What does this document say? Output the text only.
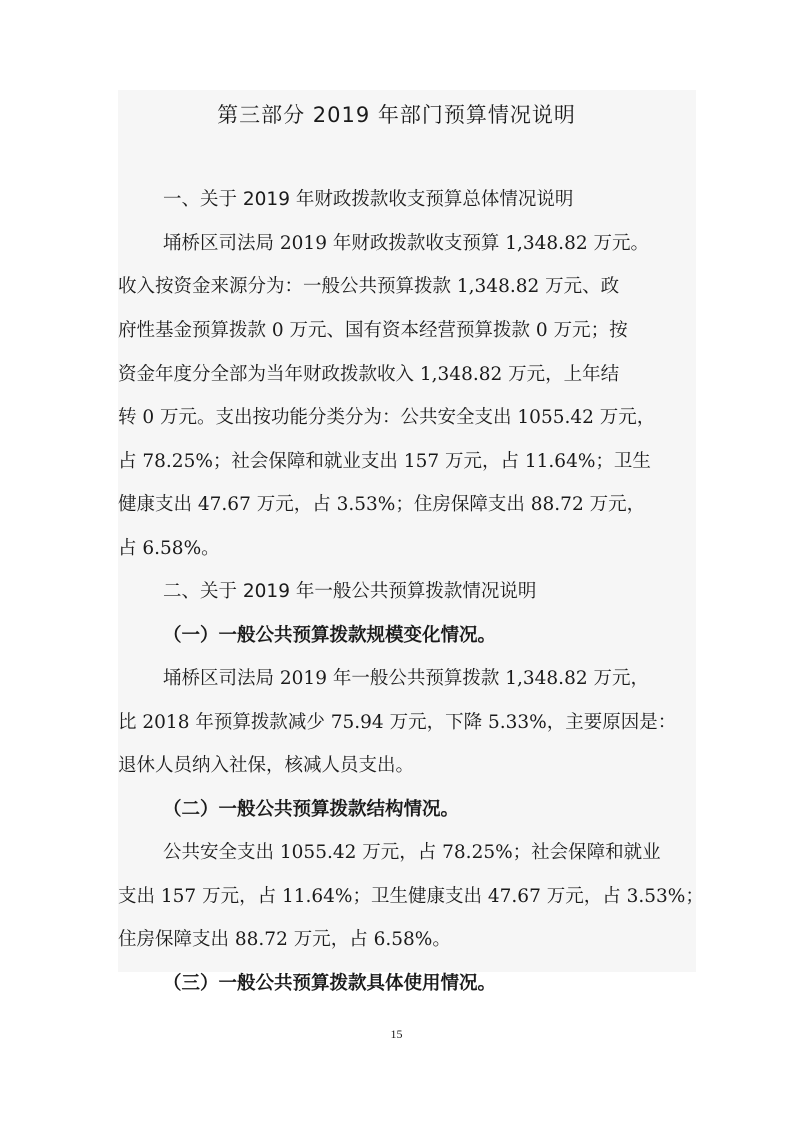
第三部分 2019 年部门预算情况说明
一、关于 2019 年财政拨款收支预算总体情况说明
埇桥区司法局 2019 年财政拨款收支预算 1,348.82 万元。
收入按资金来源分为：一般公共预算拨款 1,348.82 万元、政
府性基金预算拨款 0 万元、国有资本经营预算拨款 0 万元；按
资金年度分全部为当年财政拨款收入 1,348.82 万元，上年结
转 0 万元。支出按功能分类分为：公共安全支出 1055.42 万元，
占 78.25%；社会保障和就业支出 157 万元，占 11.64%；卫生
健康支出 47.67 万元，占 3.53%；住房保障支出 88.72 万元，
占 6.58%。
二、关于 2019 年一般公共预算拨款情况说明
（一）一般公共预算拨款规模变化情况。
埇桥区司法局 2019 年一般公共预算拨款 1,348.82 万元，
比 2018 年预算拨款减少 75.94 万元，下降 5.33%，主要原因是：
退休人员纳入社保，核减人员支出。
（二）一般公共预算拨款结构情况。
公共安全支出 1055.42 万元，占 78.25%；社会保障和就业
支出 157 万元，占 11.64%；卫生健康支出 47.67 万元，占 3.53%；
住房保障支出 88.72 万元，占 6.58%。
（三）一般公共预算拨款具体使用情况。
15
